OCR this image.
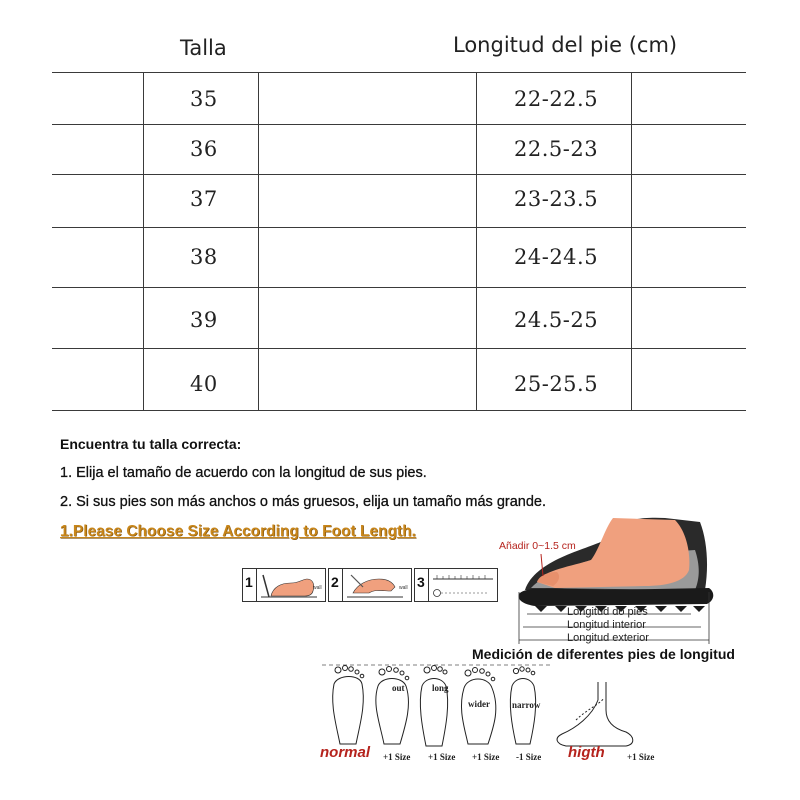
Talla	Longitud del pie (cm)
35	22-22.5
36	22.5-23
37	23-23.5
38	24-24.5
39	24.5-25
40	25-25.5
Encuentra tu talla correcta:
1. Elija el tamaño de acuerdo con la longitud de sus pies.
2. Si sus pies son más anchos o más gruesos, elija un tamaño más grande.
1.Please Choose Size According to Foot Length.
1	wall 2	wall 3
Añadir 0~1.5 cm
Longitud do pies
Longitud interior
Longitud exterior
Medición de diferentes pies de longitud
out	long
wider narrow
normal +1 Size +1 Size +1 Size -1 Size higth +1 Size
